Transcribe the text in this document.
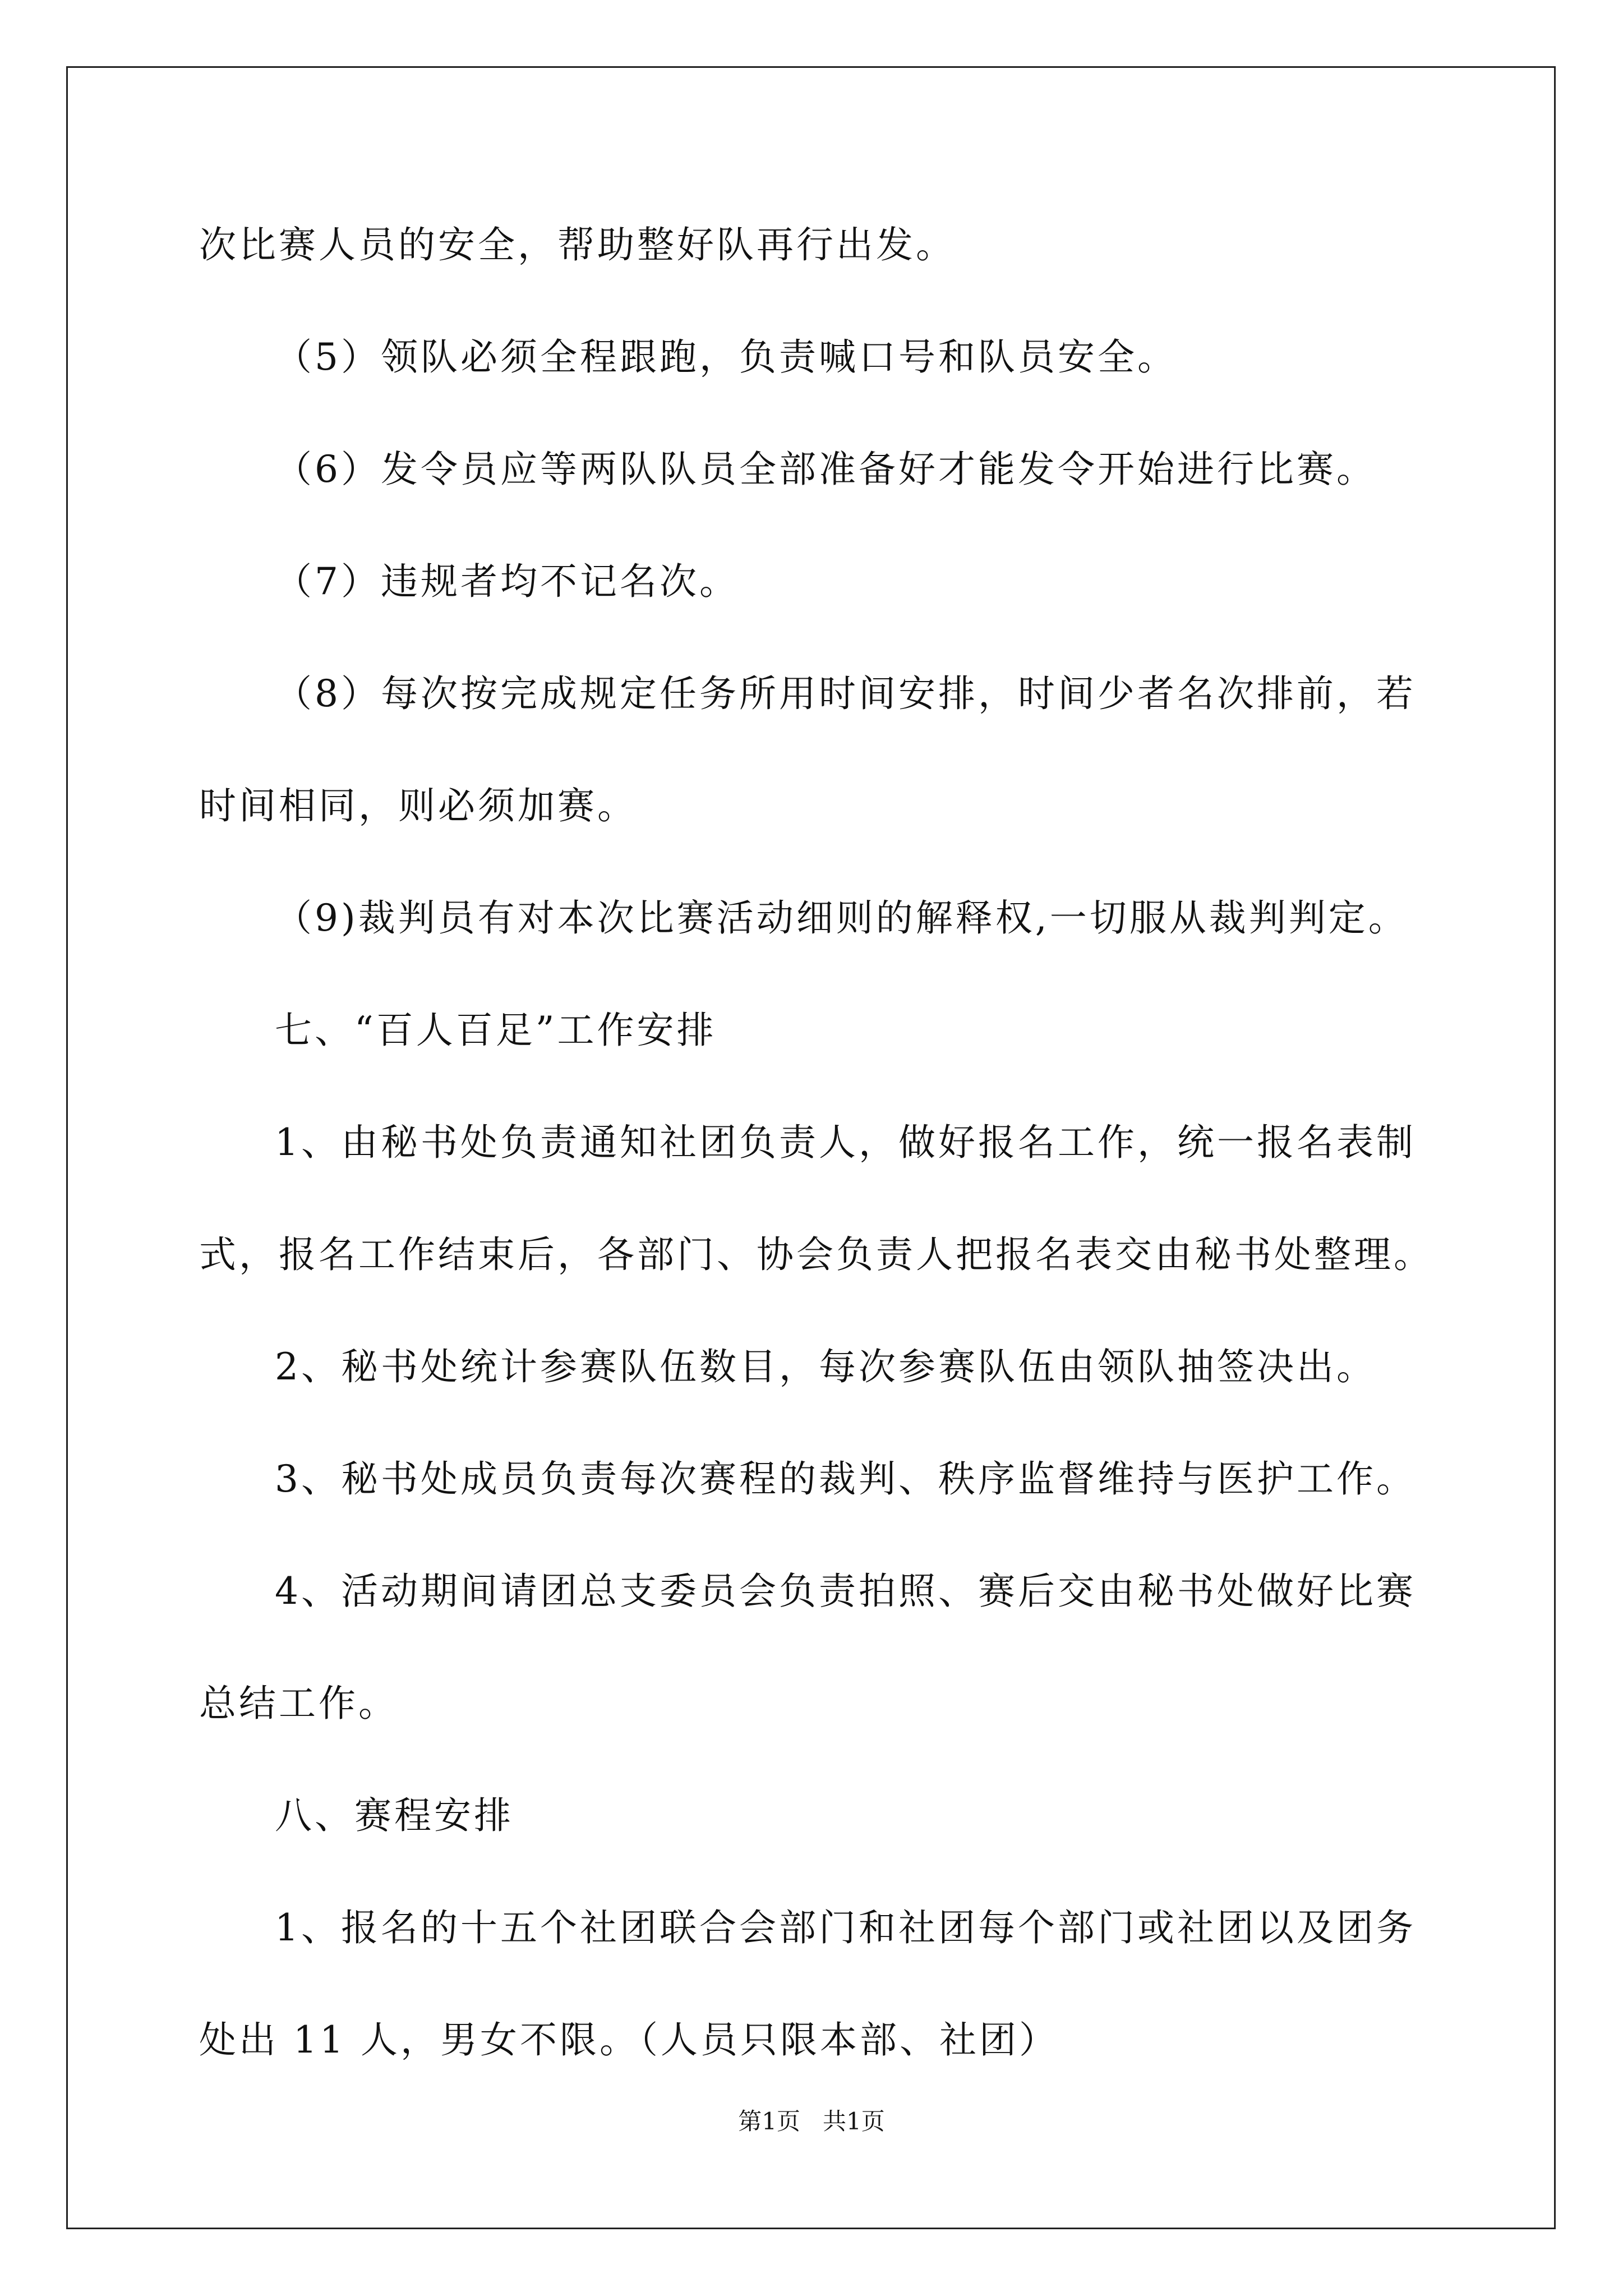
次比赛人员的安全，帮助整好队再行出发。
（5）领队必须全程跟跑，负责喊口号和队员安全。
（6）发令员应等两队队员全部准备好才能发令开始进行比赛。
（7）违规者均不记名次。
（8）每次按完成规定任务所用时间安排，时间少者名次排前，若
时间相同，则必须加赛。
（9)裁判员有对本次比赛活动细则的解释权,一切服从裁判判定。
七、“百人百足”工作安排
1、由秘书处负责通知社团负责人，做好报名工作，统一报名表制
式，报名工作结束后，各部门、协会负责人把报名表交由秘书处整理。
2、秘书处统计参赛队伍数目，每次参赛队伍由领队抽签决出。
3、秘书处成员负责每次赛程的裁判、秩序监督维持与医护工作。
4、活动期间请团总支委员会负责拍照、赛后交由秘书处做好比赛
总结工作。
八、赛程安排
1、报名的十五个社团联合会部门和社团每个部门或社团以及团务
处出 11 人，男女不限。（人员只限本部、社团）
第1页   共1页
